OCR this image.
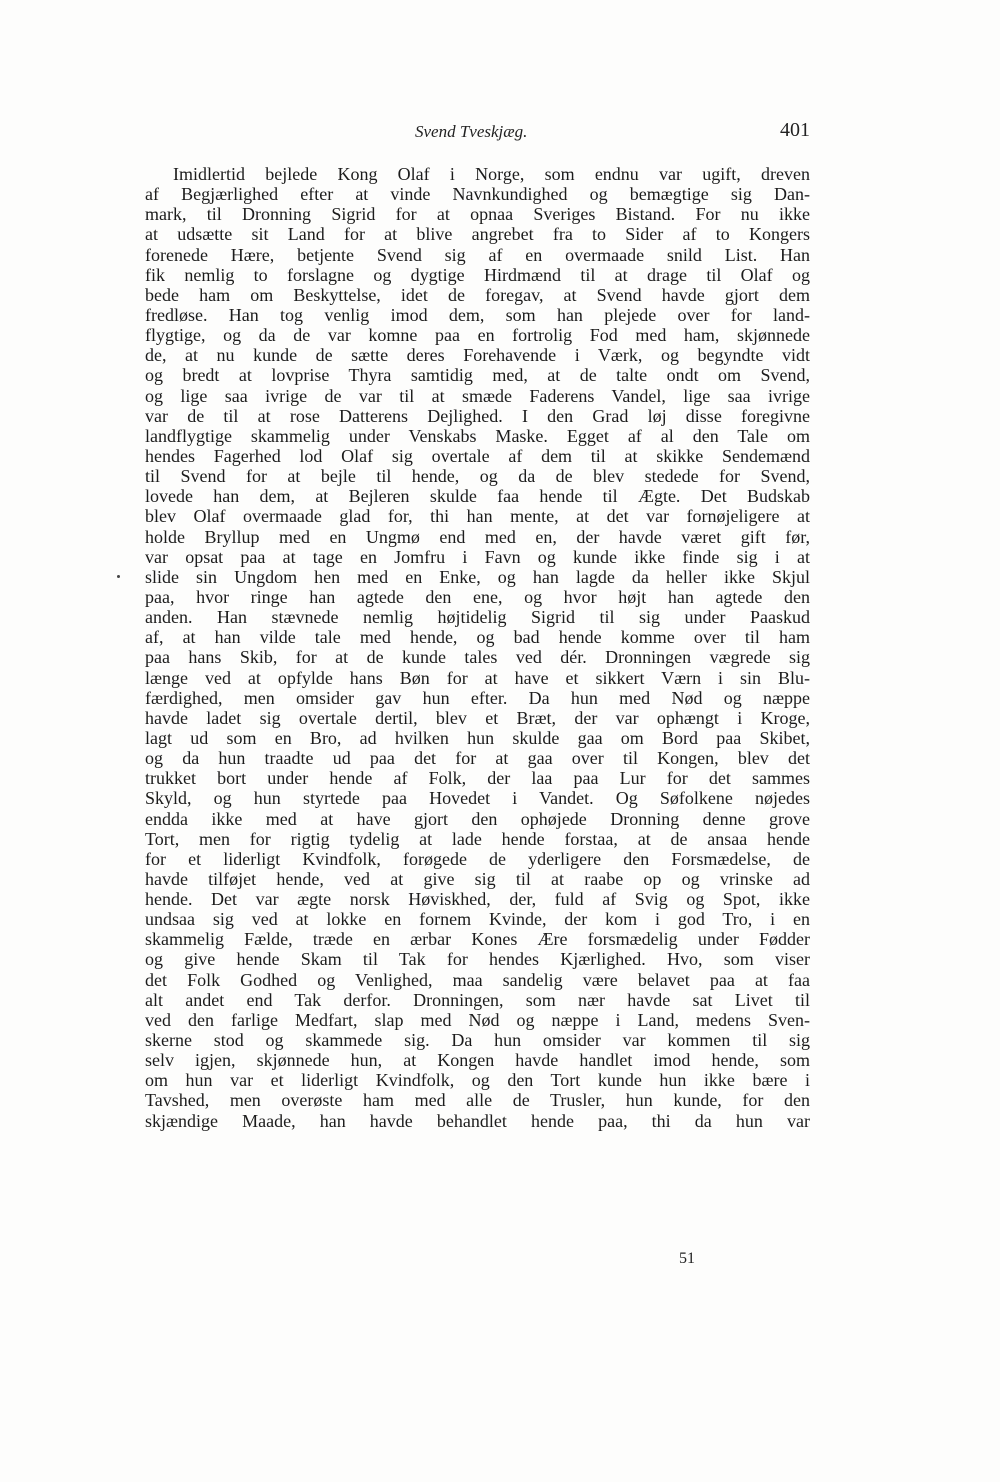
Svend Tveskjæg.	401
Imidlertid bejlede Kong Olaf i Norge, som endnu var ugift, dreven
af Begjærlighed efter at vinde Navnkundighed og bemægtige sig Dan-
mark, til Dronning Sigrid for at opnaa Sveriges Bistand. For nu ikke
at udsætte sit Land for at blive angrebet fra to Sider af to Kongers
forenede Hære, betjente Svend sig af en overmaade snild List. Han
fik nemlig to forslagne og dygtige Hirdmænd til at drage til Olaf og
bede ham om Beskyttelse, idet de foregav, at Svend havde gjort dem
fredløse. Han tog venlig imod dem, som han plejede over for land-
flygtige, og da de var komne paa en fortrolig Fod med ham, skjønnede
de, at nu kunde de sætte deres Forehavende i Værk, og begyndte vidt
og bredt at lovprise Thyra samtidig med, at de talte ondt om Svend,
og lige saa ivrige de var til at smæde Faderens Vandel, lige saa ivrige
var de til at rose Datterens Dejlighed. I den Grad løj disse foregivne
landflygtige skammelig under Venskabs Maske. Egget af al den Tale om
hendes Fagerhed lod Olaf sig overtale af dem til at skikke Sendemænd
til Svend for at bejle til hende, og da de blev stedede for Svend,
lovede han dem, at Bejleren skulde faa hende til Ægte. Det Budskab
blev Olaf overmaade glad for, thi han mente, at det var fornøjeligere at
holde Bryllup med en Ungmø end med en, der havde været gift før,
var opsat paa at tage en Jomfru i Favn og kunde ikke finde sig i at
slide sin Ungdom hen med en Enke, og han lagde da heller ikke Skjul
paa, hvor ringe han agtede den ene, og hvor højt han agtede den
anden. Han stævnede nemlig højtidelig Sigrid til sig under Paaskud
af, at han vilde tale med hende, og bad hende komme over til ham
paa hans Skib, for at de kunde tales ved dér. Dronningen vægrede sig
længe ved at opfylde hans Bøn for at have et sikkert Værn i sin Blu-
færdighed, men omsider gav hun efter. Da hun med Nød og næppe
havde ladet sig overtale dertil, blev et Bræt, der var ophængt i Kroge,
lagt ud som en Bro, ad hvilken hun skulde gaa om Bord paa Skibet,
og da hun traadte ud paa det for at gaa over til Kongen, blev det
trukket bort under hende af Folk, der laa paa Lur for det sammes
Skyld, og hun styrtede paa Hovedet i Vandet. Og Søfolkene nøjedes
endda ikke med at have gjort den ophøjede Dronning denne grove
Tort, men for rigtig tydelig at lade hende forstaa, at de ansaa hende
for et liderligt Kvindfolk, forøgede de yderligere den Forsmædelse, de
havde tilføjet hende, ved at give sig til at raabe op og vrinske ad
hende. Det var ægte norsk Høviskhed, der, fuld af Svig og Spot, ikke
undsaa sig ved at lokke en fornem Kvinde, der kom i god Tro, i en
skammelig Fælde, træde en ærbar Kones Ære forsmædelig under Fødder
og give hende Skam til Tak for hendes Kjærlighed. Hvo, som viser
det Folk Godhed og Venlighed, maa sandelig være belavet paa at faa
alt andet end Tak derfor. Dronningen, som nær havde sat Livet til
ved den farlige Medfart, slap med Nød og næppe i Land, medens Sven-
skerne stod og skammede sig. Da hun omsider var kommen til sig
selv igjen, skjønnede hun, at Kongen havde handlet imod hende, som
om hun var et liderligt Kvindfolk, og den Tort kunde hun ikke bære i
Tavshed, men overøste ham med alle de Trusler, hun kunde, for den
skjændige Maade, han havde behandlet hende paa, thi da hun var
51
